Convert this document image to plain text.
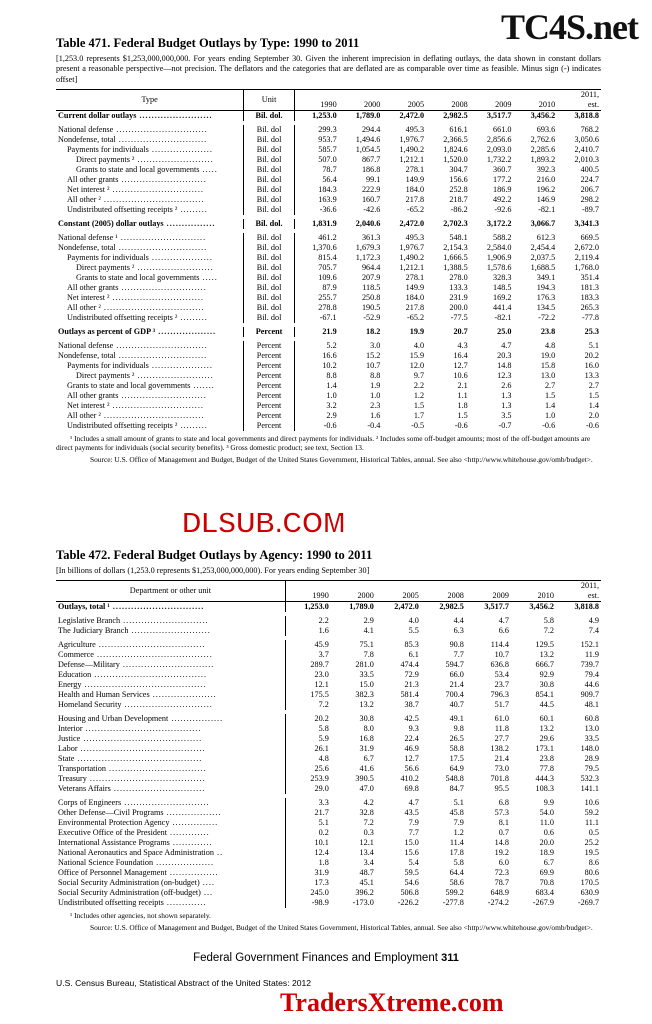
TC4S.net
Table 471. Federal Budget Outlays by Type: 1990 to 2011

[1,253.0 represents $1,253,000,000,000. For years ending September 30. Given the inherent imprecision in deflating outlays, the data shown in constant dollars present a reasonable perspective—not precision. The deflators and the categories that are deflated are as comparable over time as feasible. Minus sign (-) indicates offset]

Type	Unit	1990	2000	2005	2008	2009	2010	2011,
								est.
Current dollar outlays ........................	Bil. dol.	1,253.0	1,789.0	2,472.0	2,982.5	3,517.7	3,456.2	3,818.8

National defense ..............................	Bil. dol	299.3	294.4	495.3	616.1	661.0	693.6	768.2
Nondefense, total .............................	Bil. dol	953.7	1,494.6	1,976.7	2,366.5	2,856.6	2,762.6	3,050.6
Payments for individuals ....................	Bil. dol	585.7	1,054.5	1,490.2	1,824.6	2,093.0	2,285.6	2,410.7
Direct payments ² .........................	Bil. dol	507.0	867.7	1,212.1	1,520.0	1,732.2	1,893.2	2,010.3
Grants to state and local governments .....	Bil. dol	78.7	186.8	278.1	304.7	360.7	392.3	400.5
All other grants ............................	Bil. dol	56.4	99.1	149.9	156.6	177.2	216.0	224.7
Net interest ² ..............................	Bil. dol	184.3	222.9	184.0	252.8	186.9	196.2	206.7
All other ² .................................	Bil. dol	163.9	160.7	217.8	218.7	492.2	146.9	298.2
Undistributed offsetting receipts ² .........	Bil. dol	-36.6	-42.6	-65.2	-86.2	-92.6	-82.1	-89.7

Constant (2005) dollar outlays ................	Bil. dol.	1,831.9	2,040.6	2,472.0	2,702.3	3,172.2	3,066.7	3,341.3

National defense ¹ ............................	Bil. dol	461.2	361.3	495.3	548.1	588.2	612.3	669.5
Nondefense, total .............................	Bil. dol	1,370.6	1,679.3	1,976.7	2,154.3	2,584.0	2,454.4	2,672.0
Payments for individuals ....................	Bil. dol	815.4	1,172.3	1,490.2	1,666.5	1,906.9	2,037.5	2,119.4
Direct payments ² .........................	Bil. dol	705.7	964.4	1,212.1	1,388.5	1,578.6	1,688.5	1,768.0
Grants to state and local governments .....	Bil. dol	109.6	207.9	278.1	278.0	328.3	349.1	351.4
All other grants ............................	Bil. dol	87.9	118.5	149.9	133.3	148.5	194.3	181.3
Net interest ² ..............................	Bil. dol	255.7	250.8	184.0	231.9	169.2	176.3	183.3
All other ² .................................	Bil. dol	278.8	190.5	217.8	200.0	441.4	134.5	265.3
Undistributed offsetting receipts ² .........	Bil. dol	-67.1	-52.9	-65.2	-77.5	-82.1	-72.2	-77.8

Outlays as percent of GDP ³ ...................	Percent	21.9	18.2	19.9	20.7	25.0	23.8	25.3

National defense ..............................	Percent	5.2	3.0	4.0	4.3	4.7	4.8	5.1
Nondefense, total .............................	Percent	16.6	15.2	15.9	16.4	20.3	19.0	20.2
Payments for individuals ....................	Percent	10.2	10.7	12.0	12.7	14.8	15.8	16.0
Direct payments ² .........................	Percent	8.8	8.8	9.7	10.6	12.3	13.0	13.3
Grants to state and local governments .......	Percent	1.4	1.9	2.2	2.1	2.6	2.7	2.7
All other grants ............................	Percent	1.0	1.0	1.2	1.1	1.3	1.5	1.5
Net interest ² ..............................	Percent	3.2	2.3	1.5	1.8	1.3	1.4	1.4
All other ² .................................	Percent	2.9	1.6	1.7	1.5	3.5	1.0	2.0
Undistributed offsetting receipts ² .........	Percent	-0.6	-0.4	-0.5	-0.6	-0.7	-0.6	-0.6
¹ Includes a small amount of grants to state and local governments and direct payments for individuals. ² Includes some off-budget amounts; most of the off-budget amounts are direct payments for individuals (social security benefits). ³ Gross domestic product; see text, Section 13.
Source: U.S. Office of Management and Budget, Budget of the United States Government, Historical Tables, annual. See also <http://www.whitehouse.gov/omb/budget>.
DLSUB.COM
Table 472. Federal Budget Outlays by Agency: 1990 to 2011

[In billions of dollars (1,253.0 represents $1,253,000,000,000). For years ending September 30]

Department or other unit	1990	2000	2005	2008	2009	2010	2011,
							est.
Outlays, total ¹ ..............................	1,253.0	1,789.0	2,472.0	2,982.5	3,517.7	3,456.2	3,818.8

Legislative Branch ............................	2.2	2.9	4.0	4.4	4.7	5.8	4.9
The Judiciary Branch ..........................	1.6	4.1	5.5	6.3	6.6	7.2	7.4

Agriculture ...................................	45.9	75.1	85.3	90.8	114.4	129.5	152.1
Commerce ......................................	3.7	7.8	6.1	7.7	10.7	13.2	11.9
Defense—Military ..............................	289.7	281.0	474.4	594.7	636.8	666.7	739.7
Education .....................................	23.0	33.5	72.9	66.0	53.4	92.9	79.4
Energy ........................................	12.1	15.0	21.3	21.4	23.7	30.8	44.6
Health and Human Services .....................	175.5	382.3	581.4	700.4	796.3	854.1	909.7
Homeland Security .............................	7.2	13.2	38.7	40.7	51.7	44.5	48.1

Housing and Urban Development .................	20.2	30.8	42.5	49.1	61.0	60.1	60.8
Interior ......................................	5.8	8.0	9.3	9.8	11.8	13.2	13.0
Justice .......................................	5.9	16.8	22.4	26.5	27.7	29.6	33.5
Labor .........................................	26.1	31.9	46.9	58.8	138.2	173.1	148.0
State .........................................	4.8	6.7	12.7	17.5	21.4	23.8	28.9
Transportation ................................	25.6	41.6	56.6	64.9	73.0	77.8	79.5
Treasury ......................................	253.9	390.5	410.2	548.8	701.8	444.3	532.3
Veterans Affairs ..............................	29.0	47.0	69.8	84.7	95.5	108.3	141.1

Corps of Engineers ............................	3.3	4.2	4.7	5.1	6.8	9.9	10.6
Other Defense—Civil Programs ..................	21.7	32.8	43.5	45.8	57.3	54.0	59.2
Environmental Protection Agency ...............	5.1	7.2	7.9	7.9	8.1	11.0	11.1
Executive Office of the President .............	0.2	0.3	7.7	1.2	0.7	0.6	0.5
International Assistance Programs .............	10.1	12.1	15.0	11.4	14.8	20.0	25.2
National Aeronautics and Space Administration ..	12.4	13.4	15.6	17.8	19.2	18.9	19.5
National Science Foundation ...................	1.8	3.4	5.4	5.8	6.0	6.7	8.6
Office of Personnel Management ................	31.9	48.7	59.5	64.4	72.3	69.9	80.6
Social Security Administration (on-budget) ....	17.3	45.1	54.6	58.6	78.7	70.8	170.5
Social Security Administration (off-budget) ...	245.0	396.2	506.8	599.2	648.9	683.4	630.9
Undistributed offsetting receipts .............	-98.9	-173.0	-226.2	-277.8	-274.2	-267.9	-269.7
¹ Includes other agencies, not shown separately.
Source: U.S. Office of Management and Budget, Budget of the United States Government, Historical Tables, annual. See also <http://www.whitehouse.gov/omb/budget>.
Federal Government Finances and Employment 311
U.S. Census Bureau, Statistical Abstract of the United States: 2012
TradersXtreme.com
